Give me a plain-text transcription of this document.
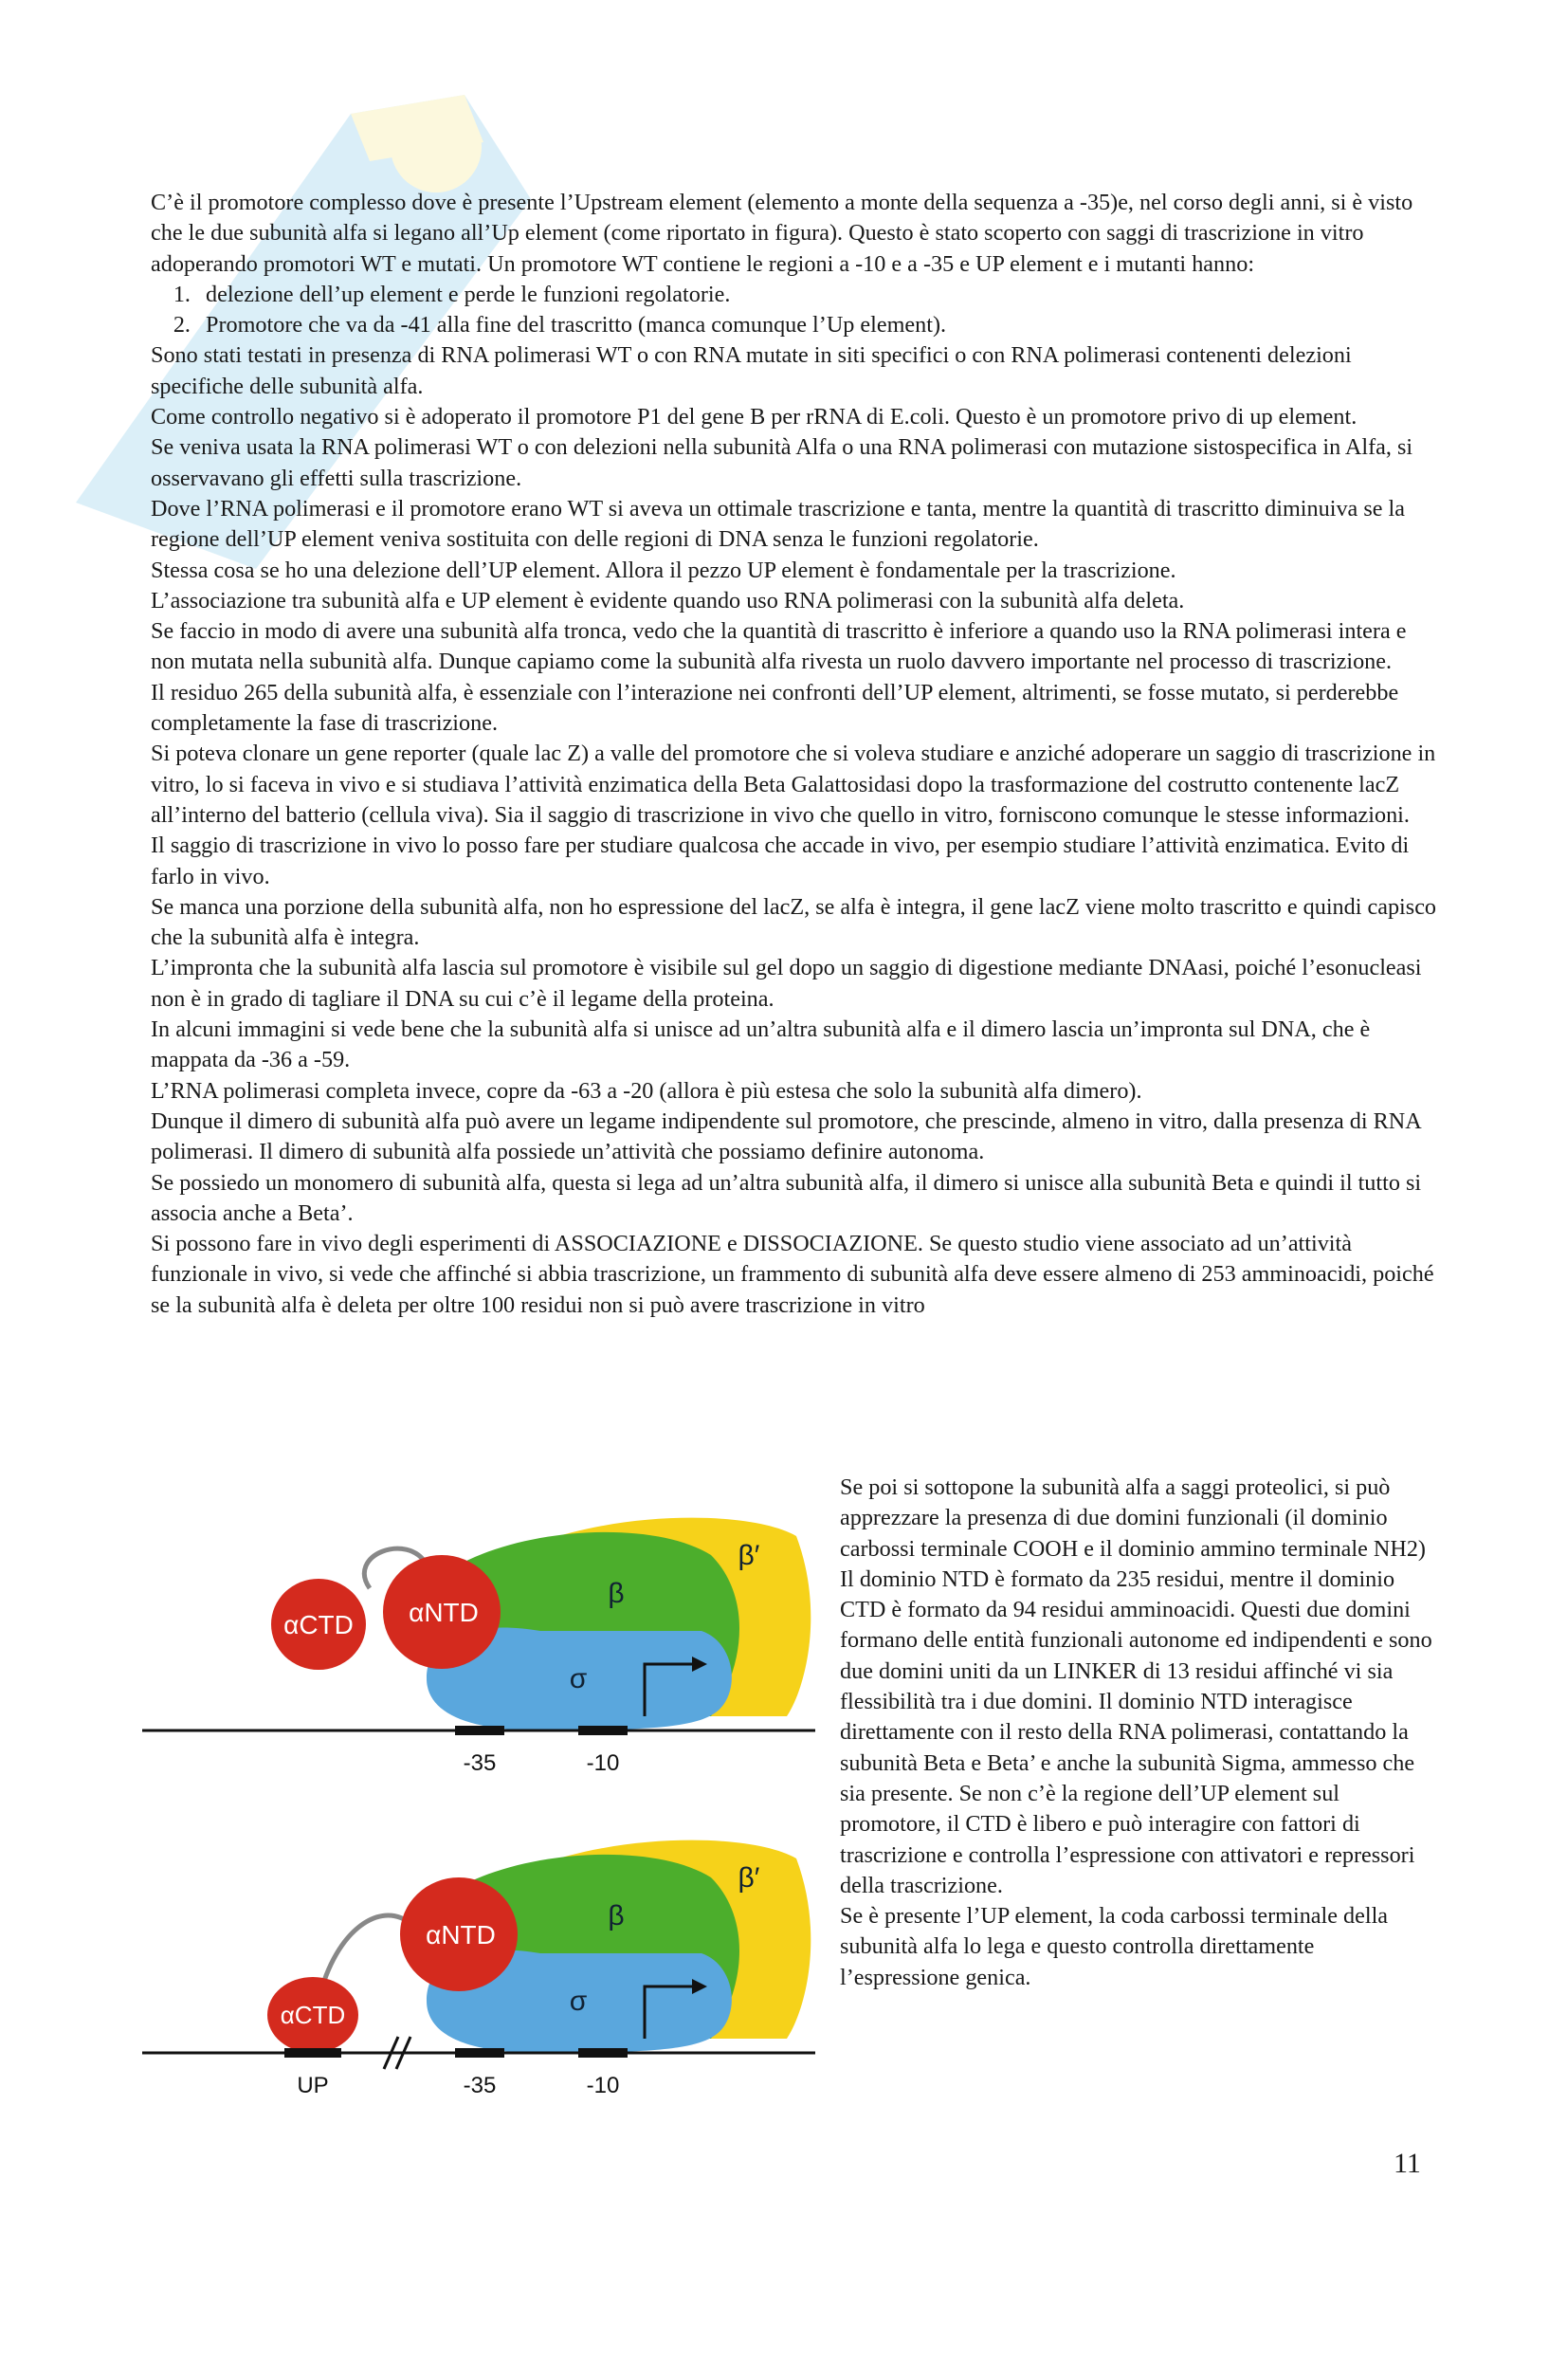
C’è il promotore complesso dove è presente l’Upstream element (elemento a monte della sequenza a -35)e, nel corso degli anni, si è visto che le due subunità alfa si legano all’Up element (come riportato in figura). Questo è stato scoperto con saggi di trascrizione in vitro adoperando promotori WT e mutati. Un promotore WT contiene le regioni a -10 e a -35 e UP element e i mutanti hanno:

1. delezione dell’up element e perde le funzioni regolatorie.
2. Promotore che va da -41 alla fine del trascritto (manca comunque l’Up element).

Sono stati testati in presenza di RNA polimerasi WT o con RNA mutate in siti specifici o con RNA polimerasi contenenti delezioni specifiche delle subunità alfa.

Come controllo negativo si è adoperato il promotore P1 del gene B per rRNA di E.coli. Questo è un promotore privo di up element.

Se veniva usata la RNA polimerasi WT o con delezioni nella subunità Alfa o una RNA polimerasi con mutazione sistospecifica in Alfa, si osservavano gli effetti sulla trascrizione.

Dove l’RNA polimerasi e il promotore erano WT si aveva un ottimale trascrizione e tanta, mentre la quantità di trascritto diminuiva se la regione dell’UP element veniva sostituita con delle regioni di DNA senza le funzioni regolatorie.

Stessa cosa se ho una delezione dell’UP element. Allora il pezzo UP element è fondamentale per la trascrizione.

L’associazione tra subunità alfa e UP element è evidente quando uso RNA polimerasi con la subunità alfa deleta.

Se faccio in modo di avere una subunità alfa tronca, vedo che la quantità di trascritto è inferiore a quando uso la RNA polimerasi intera e non mutata nella subunità alfa. Dunque capiamo come la subunità alfa rivesta un ruolo davvero importante nel processo di trascrizione.

Il residuo 265 della subunità alfa, è essenziale con l’interazione nei confronti dell’UP element, altrimenti, se fosse mutato, si perderebbe completamente la fase di trascrizione.

Si poteva clonare un gene reporter (quale lac Z) a valle del promotore che si voleva studiare e anziché adoperare un saggio di trascrizione in vitro, lo si faceva in vivo e si studiava l’attività enzimatica della Beta Galattosidasi dopo la trasformazione del costrutto contenente lacZ all’interno del batterio (cellula viva). Sia il saggio di trascrizione in vivo che quello in vitro, forniscono comunque le stesse informazioni.

Il saggio di trascrizione in vivo lo posso fare per studiare qualcosa che accade in vivo, per esempio studiare l’attività enzimatica. Evito di farlo in vivo.

Se manca una porzione della subunità alfa, non ho espressione del lacZ, se alfa è integra, il gene lacZ viene molto trascritto e quindi capisco che la subunità alfa è integra.

L’impronta che la subunità alfa lascia sul promotore è visibile sul gel dopo un saggio di digestione mediante DNAasi, poiché l’esonucleasi non è in grado di tagliare il DNA su cui c’è il legame della proteina.

In alcuni immagini si vede bene che la subunità alfa si unisce ad un’altra subunità alfa e il dimero lascia un’impronta sul DNA, che è mappata da -36 a -59.

L’RNA polimerasi completa invece, copre da -63 a -20 (allora è più estesa che solo la subunità alfa dimero).

Dunque il dimero di subunità alfa può avere un legame indipendente sul promotore, che prescinde, almeno in vitro, dalla presenza di RNA polimerasi. Il dimero di subunità alfa possiede un’attività che possiamo definire autonoma.

Se possiedo un monomero di subunità alfa, questa si lega ad un’altra subunità alfa, il dimero si unisce alla subunità Beta e quindi il tutto si associa anche a Beta’.

Si possono fare in vivo degli esperimenti di ASSOCIAZIONE e DISSOCIAZIONE. Se questo studio viene associato ad un’attività funzionale in vivo, si vede che affinché si abbia trascrizione, un frammento di subunità alfa deve essere almeno di 253 amminoacidi, poiché se la subunità alfa è deleta per oltre 100 residui non si può avere trascrizione in vitro

αCTD αNTD
β
β′
σ
-35	-10
αCTD
αNTD
β
β′
σ
UP	-35	-10

Se poi si sottopone la subunità alfa a saggi proteolici, si può apprezzare la presenza di due domini funzionali (il dominio carbossi terminale COOH e il dominio ammino terminale NH2) Il dominio NTD è formato da 235 residui, mentre il dominio CTD è formato da 94 residui amminoacidi. Questi due domini formano delle entità funzionali autonome ed indipendenti e sono due domini uniti da un LINKER di 13 residui affinché vi sia flessibilità tra i due domini. Il dominio NTD interagisce direttamente con il resto della RNA polimerasi, contattando la subunità Beta e Beta’ e anche la subunità Sigma, ammesso che sia presente. Se non c’è la regione dell’UP element sul promotore, il CTD è libero e può interagire con fattori di trascrizione e controlla l’espressione con attivatori e repressori della trascrizione.

Se è presente l’UP element, la coda carbossi terminale della subunità alfa lo lega e questo controlla direttamente l’espressione genica.

11
